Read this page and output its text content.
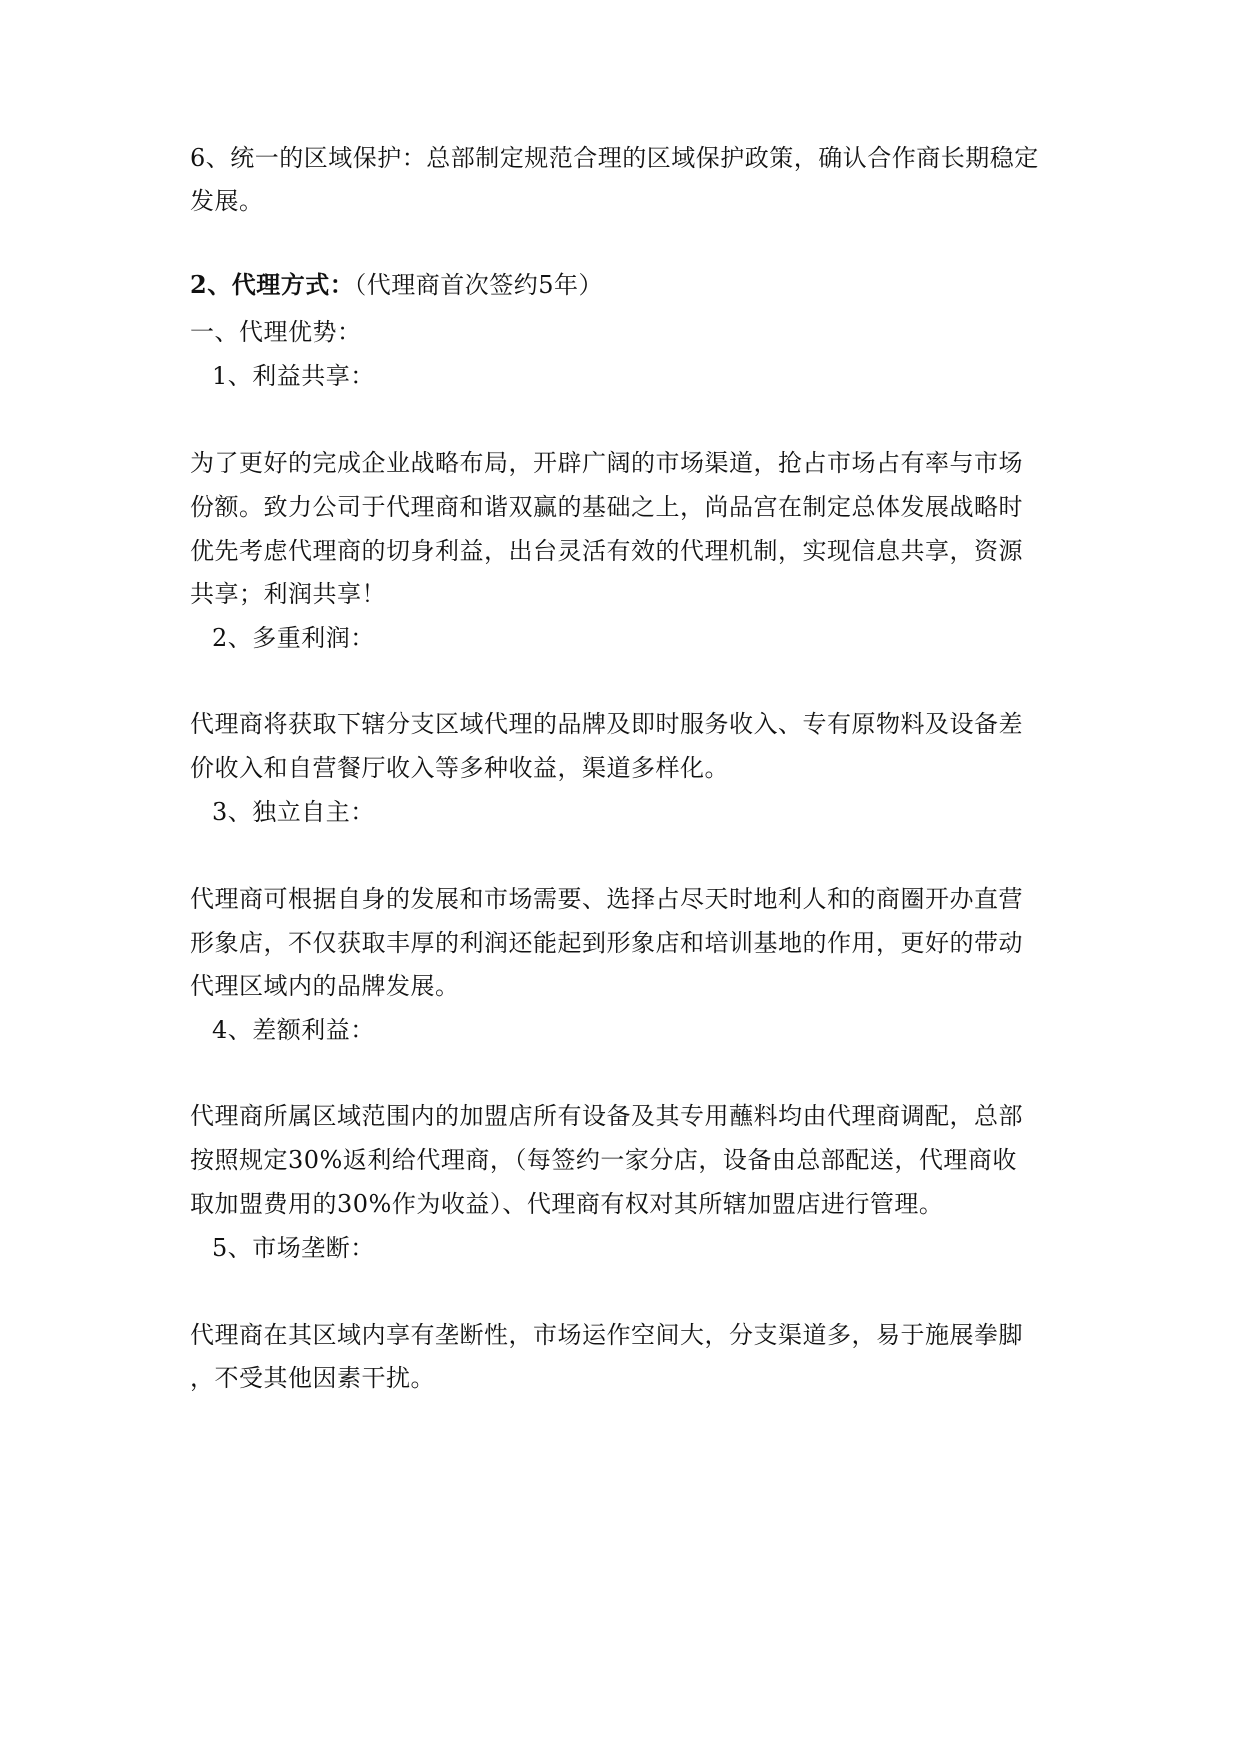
6、统一的区域保护：总部制定规范合理的区域保护政策，确认合作商长期稳定
发展。
2、代理方式：（代理商首次签约5年）
一、代理优势：
1、利益共享：
为了更好的完成企业战略布局，开辟广阔的市场渠道，抢占市场占有率与市场
份额。致力公司于代理商和谐双赢的基础之上，尚品宫在制定总体发展战略时
优先考虑代理商的切身利益，出台灵活有效的代理机制，实现信息共享，资源
共享；利润共享！
2、多重利润：
代理商将获取下辖分支区域代理的品牌及即时服务收入、专有原物料及设备差
价收入和自营餐厅收入等多种收益，渠道多样化。
3、独立自主：
代理商可根据自身的发展和市场需要、选择占尽天时地利人和的商圈开办直营
形象店，不仅获取丰厚的利润还能起到形象店和培训基地的作用，更好的带动
代理区域内的品牌发展。
4、差额利益：
代理商所属区域范围内的加盟店所有设备及其专用蘸料均由代理商调配，总部
按照规定30%返利给代理商，（每签约一家分店，设备由总部配送，代理商收
取加盟费用的30%作为收益）、代理商有权对其所辖加盟店进行管理。
5、市场垄断：
代理商在其区域内享有垄断性，市场运作空间大，分支渠道多，易于施展拳脚
，不受其他因素干扰。
